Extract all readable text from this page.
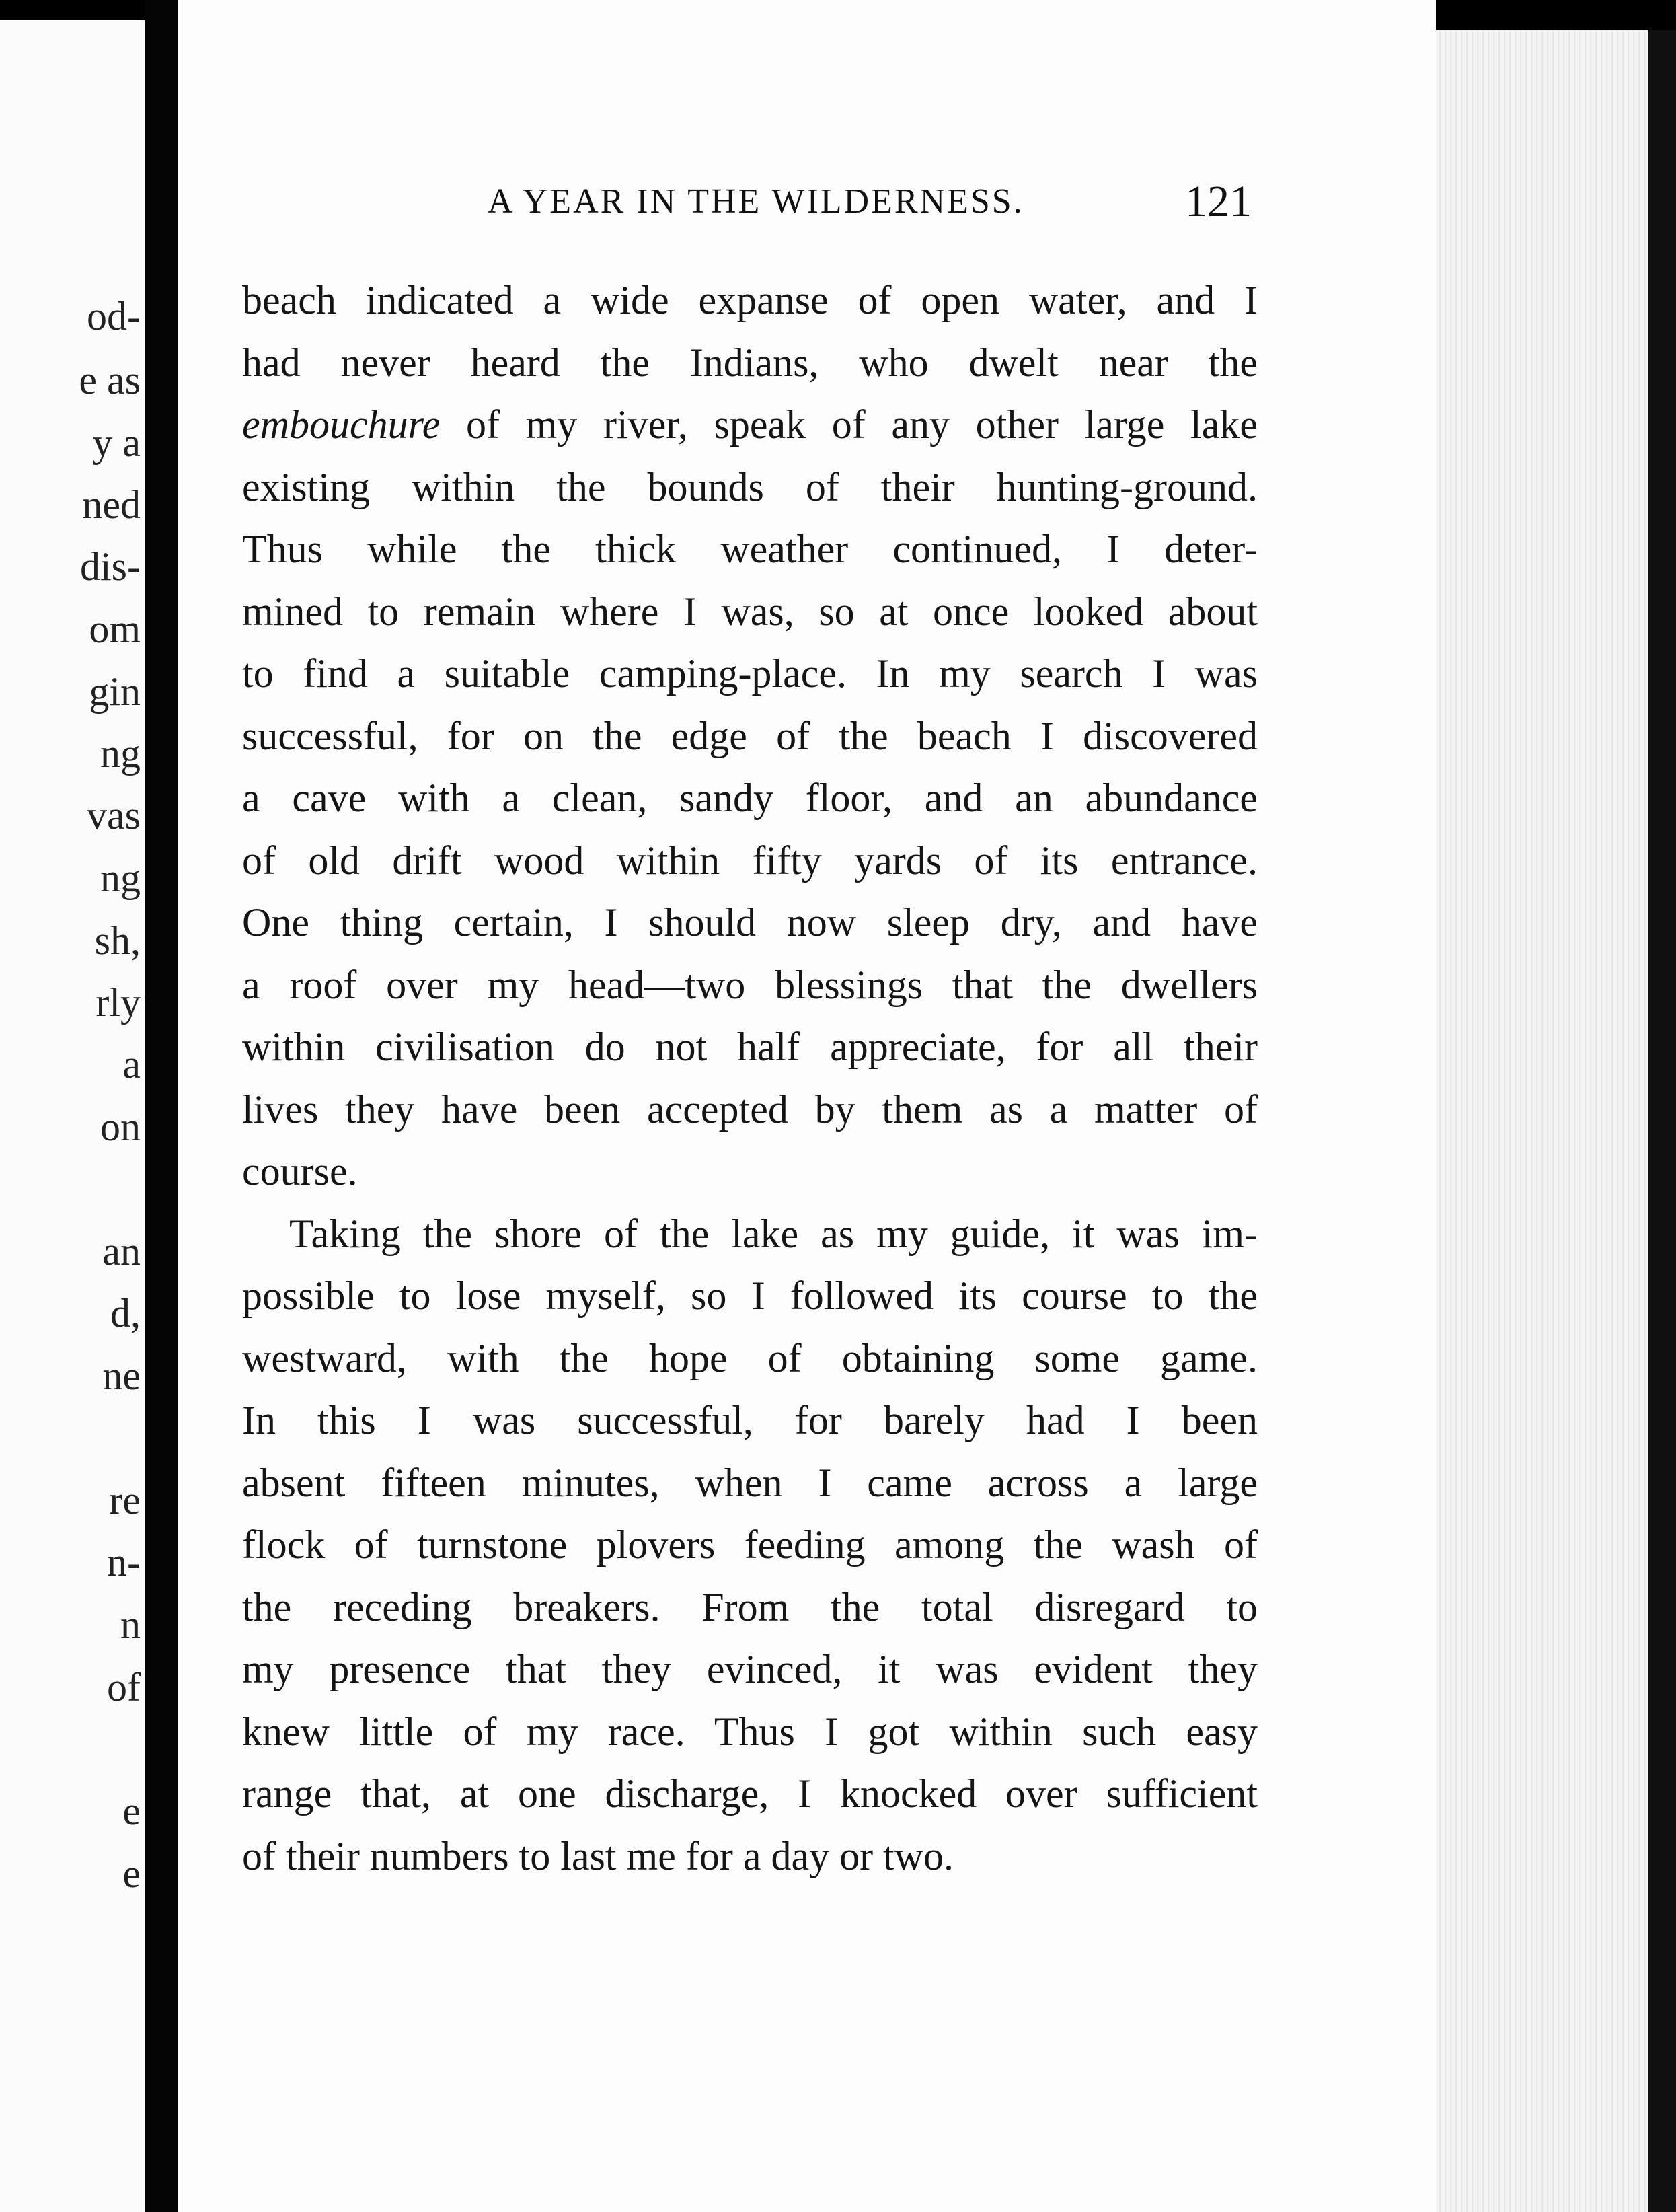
od-
e as
y a
ned
dis-
om
gin
ng
vas
ng
sh,
rly
a
on
an
d,
ne
re
n-
n
of
e
e
A YEAR IN THE WILDERNESS.	121
beach indicated a wide expanse of open water, and I
had never heard the Indians, who dwelt near the
embouchure of my river, speak of any other large lake
existing within the bounds of their hunting-ground.
Thus while the thick weather continued, I deter-
mined to remain where I was, so at once looked about
to find a suitable camping-place. In my search I was
successful, for on the edge of the beach I discovered
a cave with a clean, sandy floor, and an abundance
of old drift wood within fifty yards of its entrance.
One thing certain, I should now sleep dry, and have
a roof over my head—two blessings that the dwellers
within civilisation do not half appreciate, for all their
lives they have been accepted by them as a matter of
course.
Taking the shore of the lake as my guide, it was im-
possible to lose myself, so I followed its course to the
westward, with the hope of obtaining some game.
In this I was successful, for barely had I been
absent fifteen minutes, when I came across a large
flock of turnstone plovers feeding among the wash of
the receding breakers. From the total disregard to
my presence that they evinced, it was evident they
knew little of my race. Thus I got within such easy
range that, at one discharge, I knocked over sufficient
of their numbers to last me for a day or two.
